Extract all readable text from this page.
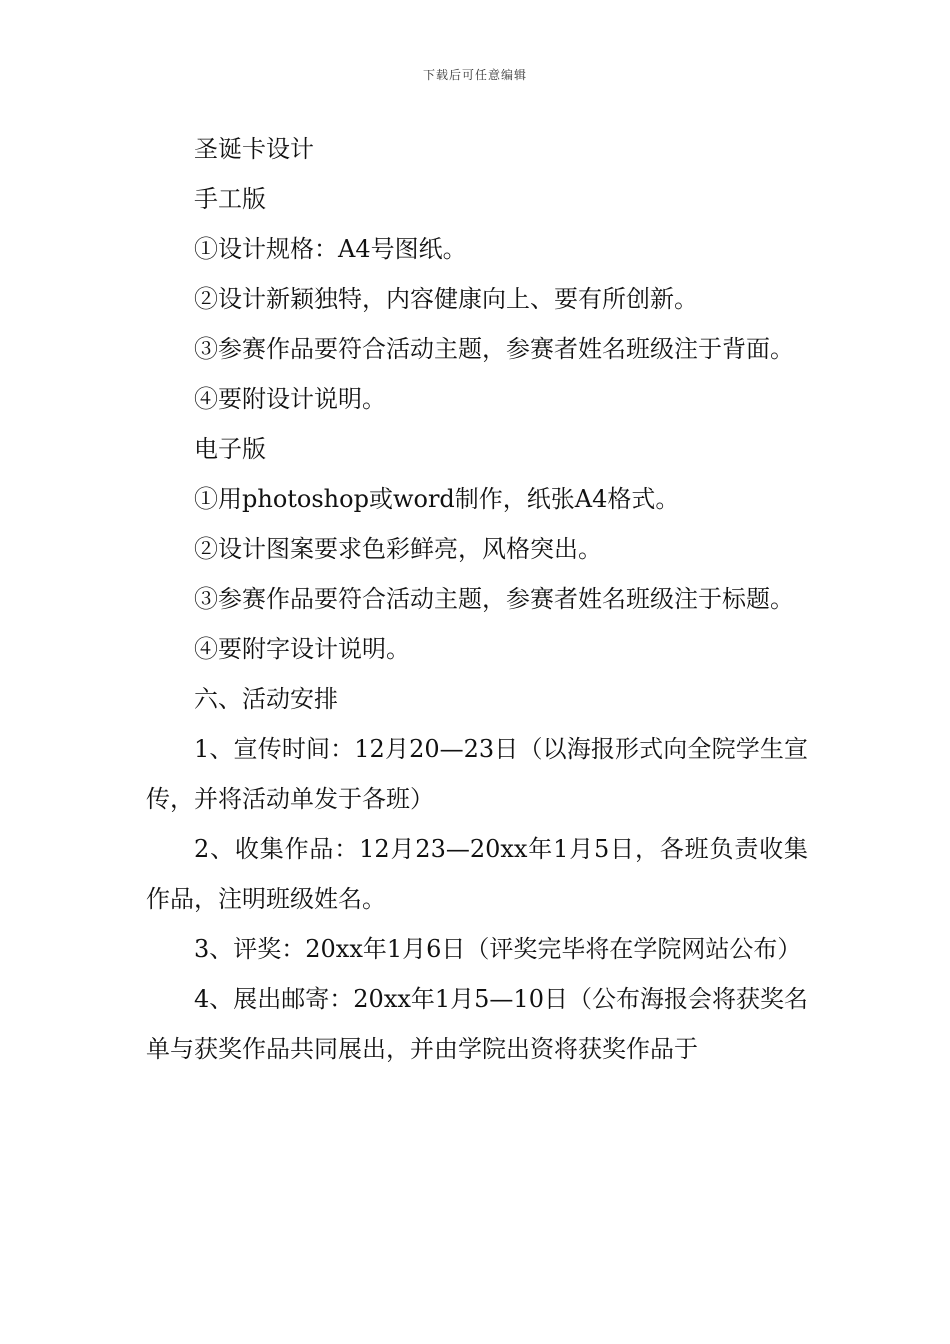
下载后可任意编辑

圣诞卡设计

手工版

①设计规格：A4号图纸。

②设计新颖独特，内容健康向上、要有所创新。

③参赛作品要符合活动主题，参赛者姓名班级注于背面。

④要附设计说明。

电子版

①用photoshop或word制作，纸张A4格式。

②设计图案要求色彩鲜亮，风格突出。

③参赛作品要符合活动主题，参赛者姓名班级注于标题。

④要附字设计说明。

六、活动安排

1、宣传时间：12月20—23日（以海报形式向全院学生宣传，并将活动单发于各班）

2、收集作品：12月23—20xx年1月5日，各班负责收集作品，注明班级姓名。

3、评奖：20xx年1月6日（评奖完毕将在学院网站公布）

4、展出邮寄：20xx年1月5—10日（公布海报会将获奖名单与获奖作品共同展出，并由学院出资将获奖作品于
